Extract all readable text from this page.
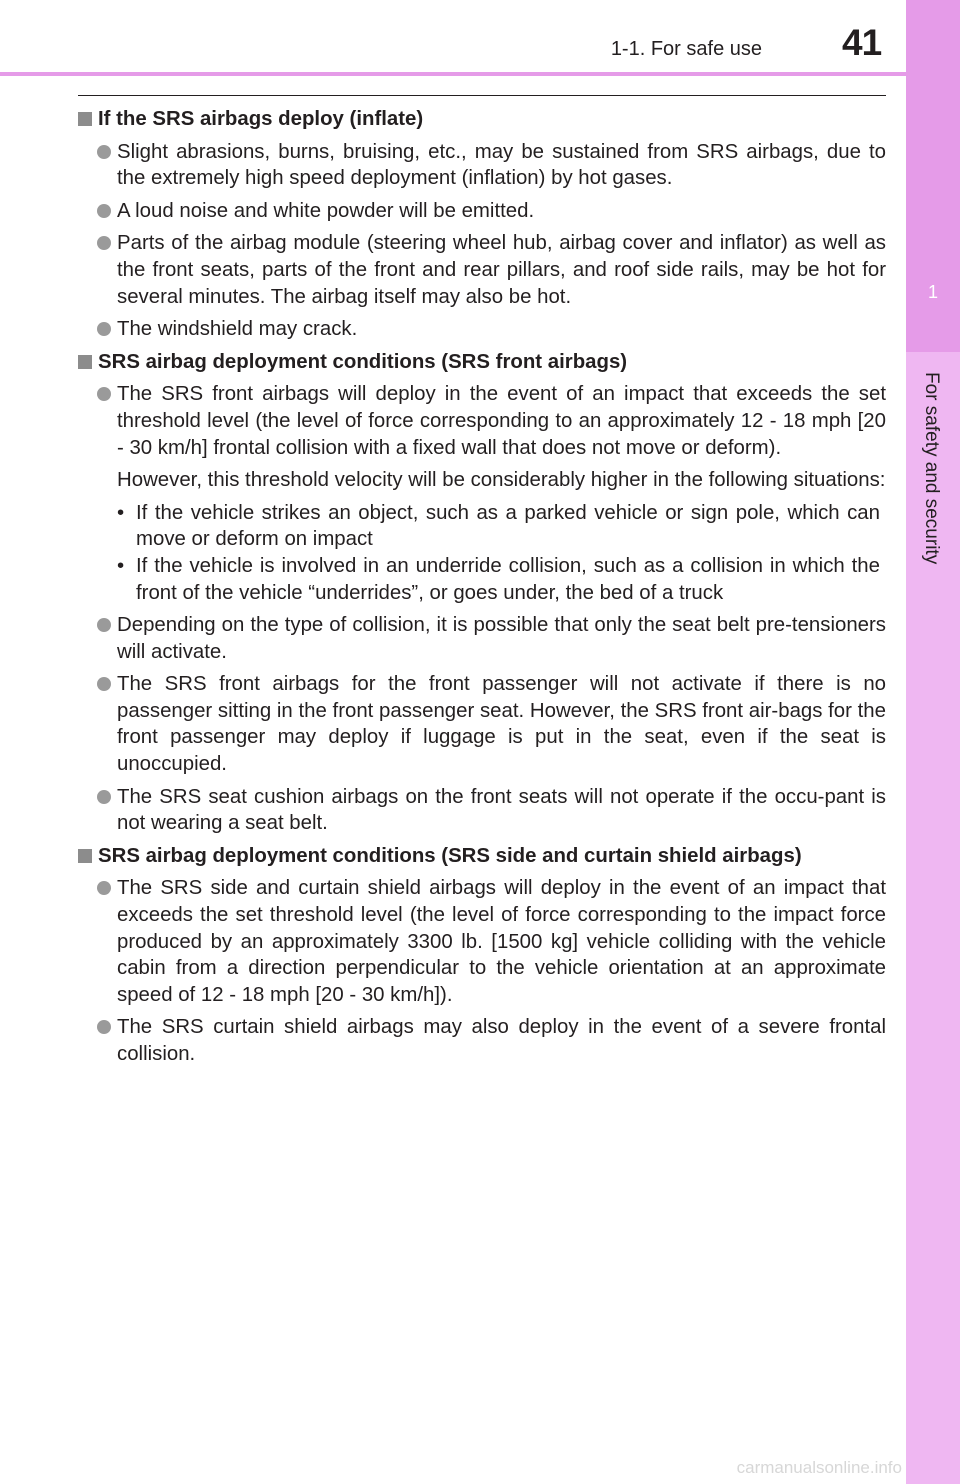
1-1. For safe use 41
1
For safety and security
If the SRS airbags deploy (inflate)
Slight abrasions, burns, bruising, etc., may be sustained from SRS airbags, due to the extremely high speed deployment (inflation) by hot gases.
A loud noise and white powder will be emitted.
Parts of the airbag module (steering wheel hub, airbag cover and inflator) as well as the front seats, parts of the front and rear pillars, and roof side rails, may be hot for several minutes. The airbag itself may also be hot.
The windshield may crack.
SRS airbag deployment conditions (SRS front airbags)
The SRS front airbags will deploy in the event of an impact that exceeds the set threshold level (the level of force corresponding to an approximately 12 - 18 mph [20 - 30 km/h] frontal collision with a fixed wall that does not move or deform).
However, this threshold velocity will be considerably higher in the following situations:
• If the vehicle strikes an object, such as a parked vehicle or sign pole, which can move or deform on impact
• If the vehicle is involved in an underride collision, such as a collision in which the front of the vehicle “underrides”, or goes under, the bed of a truck
Depending on the type of collision, it is possible that only the seat belt pre-tensioners will activate.
The SRS front airbags for the front passenger will not activate if there is no passenger sitting in the front passenger seat. However, the SRS front air-bags for the front passenger may deploy if luggage is put in the seat, even if the seat is unoccupied.
The SRS seat cushion airbags on the front seats will not operate if the occu-pant is not wearing a seat belt.
SRS airbag deployment conditions (SRS side and curtain shield airbags)
The SRS side and curtain shield airbags will deploy in the event of an impact that exceeds the set threshold level (the level of force corresponding to the impact force produced by an approximately 3300 lb. [1500 kg] vehicle colliding with the vehicle cabin from a direction perpendicular to the vehicle orientation at an approximate speed of 12 - 18 mph [20 - 30 km/h]).
The SRS curtain shield airbags may also deploy in the event of a severe frontal collision.
carmanualsonline.info
